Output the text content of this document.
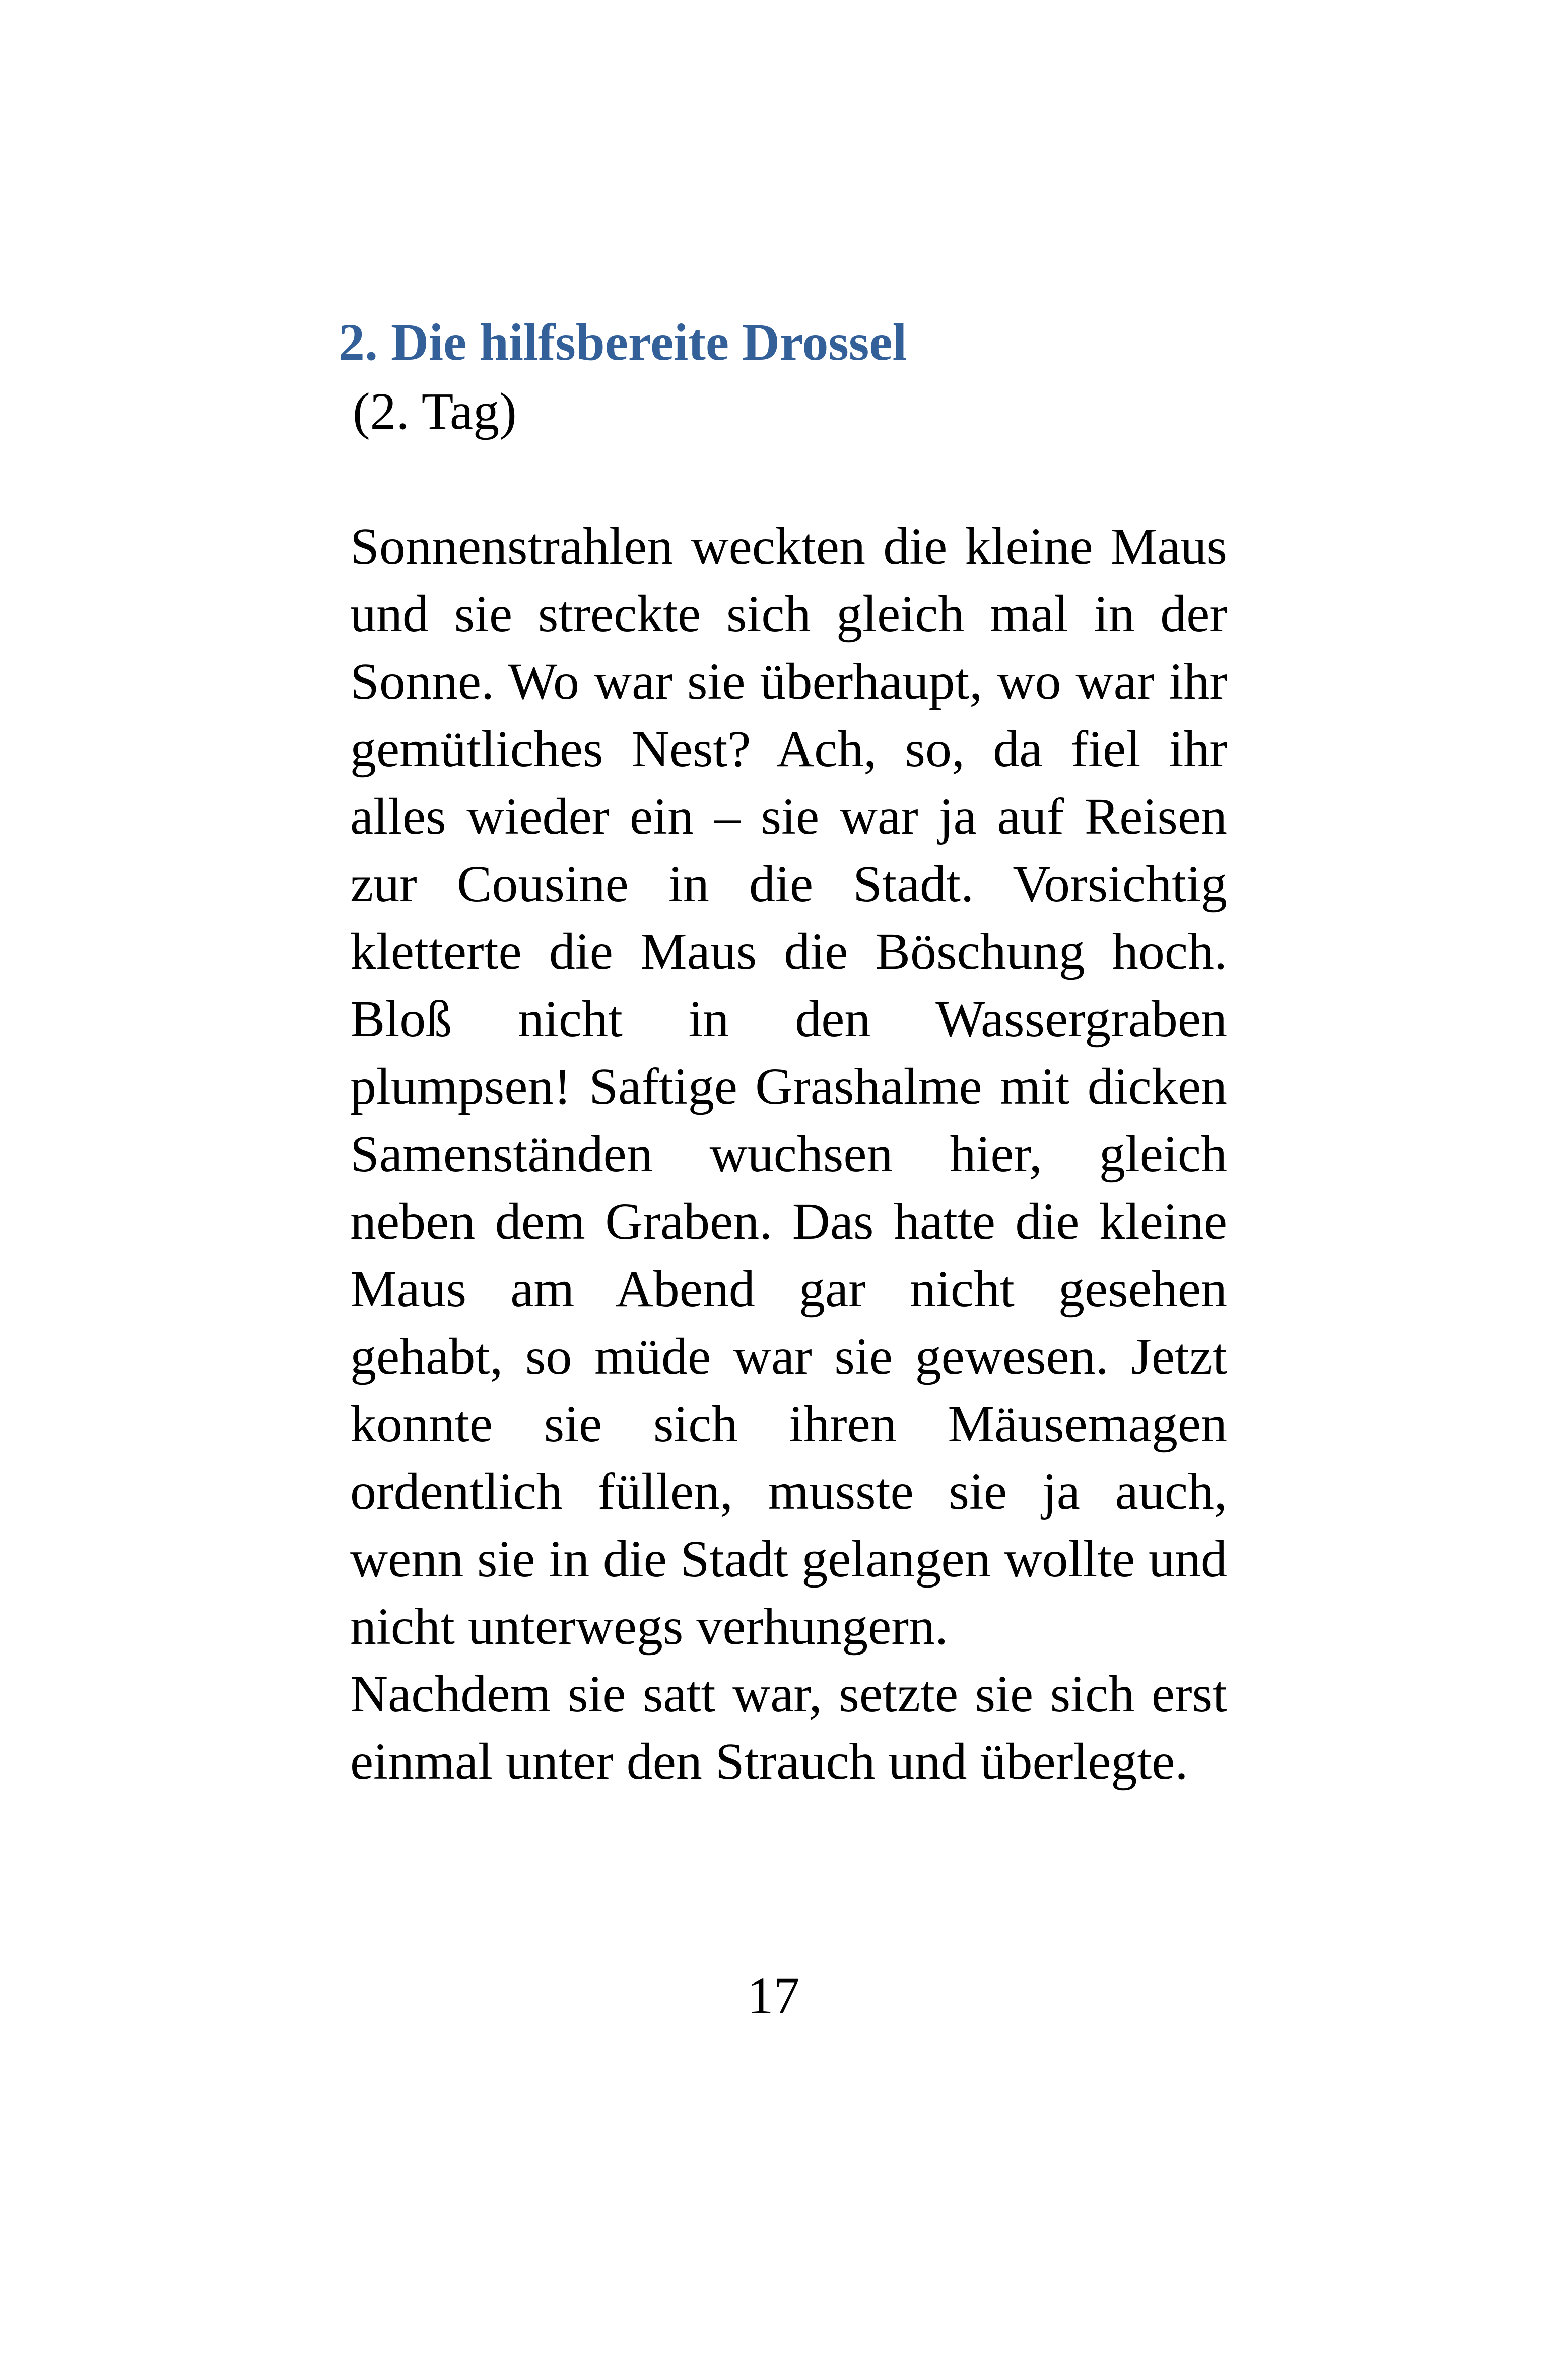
2. Die hilfsbereite Drossel
(2. Tag)

Sonnenstrahlen weckten die kleine Maus und sie streckte sich gleich mal in der Sonne. Wo war sie überhaupt, wo war ihr gemütliches Nest? Ach, so, da fiel ihr alles wieder ein – sie war ja auf Reisen zur Cousine in die Stadt. Vorsichtig kletterte die Maus die Böschung hoch. Bloß nicht in den Wassergraben plumpsen! Saftige Grashalme mit dicken Samenständen wuchsen hier, gleich neben dem Graben. Das hatte die kleine Maus am Abend gar nicht gesehen gehabt, so müde war sie gewesen. Jetzt konnte sie sich ihren Mäusemagen ordentlich füllen, musste sie ja auch, wenn sie in die Stadt gelangen wollte und nicht unterwegs verhungern.

Nachdem sie satt war, setzte sie sich erst einmal unter den Strauch und überlegte.

17
